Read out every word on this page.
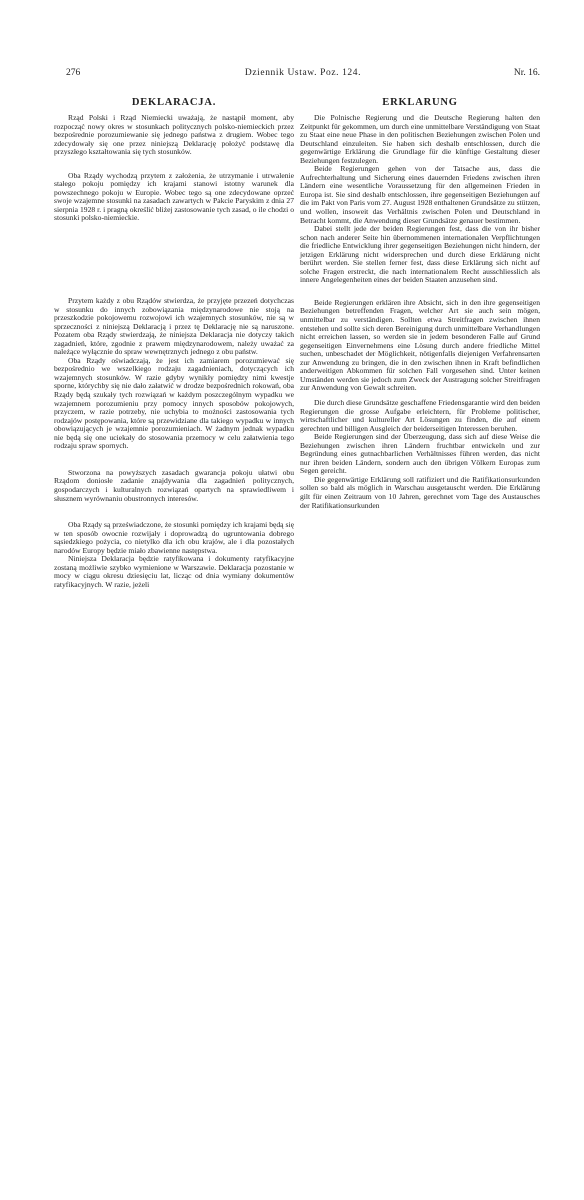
276	Dziennik Ustaw. Poz. 124.	Nr. 16.
DEKLARACJA.

Rząd Polski i Rząd Niemiecki uważają, że nastąpił moment, aby rozpocząć nowy okres w stosunkach politycznych polsko-niemieckich przez bezpośrednie porozumiewanie się jednego państwa z drugiem. Wobec tego zdecydowały się one przez niniejszą Deklarację położyć podstawę dla przyszłego kształtowania się tych stosunków.

Oba Rządy wychodzą przytem z założenia, że utrzymanie i utrwalenie stałego pokoju pomiędzy ich krajami stanowi istotny warunek dla powszechnego pokoju w Europie. Wobec tego są one zdecydowane oprzeć swoje wzajemne stosunki na zasadach zawartych w Pakcie Paryskim z dnia 27 sierpnia 1928 r. i pragną określić bliżej zastosowanie tych zasad, o ile chodzi o stosunki polsko-niemieckie.

Przytem każdy z obu Rządów stwierdza, że przyjęte przezeń dotychczas w stosunku do innych zobowiązania międzynarodowe nie stoją na przeszkodzie pokojowemu rozwojowi ich wzajemnych stosunków, nie są w sprzeczności z niniejszą Deklaracją i przez tę Deklarację nie są naruszone. Pozatem oba Rządy stwierdzają, że niniejsza Deklaracja nie dotyczy takich zagadnień, które, zgodnie z prawem międzynarodowem, należy uważać za należące wyłącznie do spraw wewnętrznych jednego z obu państw.

Oba Rządy oświadczają, że jest ich zamiarem porozumiewać się bezpośrednio we wszelkiego rodzaju zagadnieniach, dotyczących ich wzajemnych stosunków. W razie gdyby wynikły pomiędzy nimi kwestje sporne, którychby się nie dało załatwić w drodze bezpośrednich rokowań, oba Rządy będą szukały tych rozwiązań w każdym poszczególnym wypadku we wzajemnem porozumieniu przy pomocy innych sposobów pokojowych, przyczem, w razie potrzeby, nie uchybia to możności zastosowania tych rodzajów postępowania, które są przewidziane dla takiego wypadku w innych obowiązujących je wzajemnie porozumieniach. W żadnym jednak wypadku nie będą się one uciekały do stosowania przemocy w celu załatwienia tego rodzaju spraw spornych.

Stworzona na powyższych zasadach gwarancja pokoju ułatwi obu Rządom doniosłe zadanie znajdywania dla zagadnień politycznych, gospodarczych i kulturalnych rozwiązań opartych na sprawiedliwem i słusznem wyrównaniu obustronnych interesów.

Oba Rządy są przeświadczone, że stosunki pomiędzy ich krajami będą się w ten sposób owocnie rozwijały i doprowadzą do ugruntowania dobrego sąsiedzkiego pożycia, co nietylko dla ich obu krajów, ale i dla pozostałych narodów Europy będzie miało zbawienne następstwa.

Niniejsza Deklaracja będzie ratyfikowana i dokumenty ratyfikacyjne zostaną możliwie szybko wymienione w Warszawie. Deklaracja pozostanie w mocy w ciągu okresu dziesięciu lat, licząc od dnia wymiany dokumentów ratyfikacyjnych. W razie, jeżeli

ERKLARUNG

Die Polnische Regierung und die Deutsche Regierung halten den Zeitpunkt für gekommen, um durch eine unmittelbare Verständigung von Staat zu Staat eine neue Phase in den politischen Beziehungen zwischen Polen und Deutschland einzuleiten. Sie haben sich deshalb entschlossen, durch die gegenwärtige Erklärung die Grundlage für die künftige Gestaltung dieser Beziehungen festzulegen.

Beide Regierungen gehen von der Tatsache aus, dass die Aufrechterhaltung und Sicherung eines dauernden Friedens zwischen ihren Ländern eine wesentliche Voraussetzung für den allgemeinen Frieden in Europa ist. Sie sind deshalb entschlossen, ihre gegenseitigen Beziehungen auf die im Pakt von Paris vom 27. August 1928 enthaltenen Grundsätze zu stützen, und wollen, insoweit das Verhältnis zwischen Polen und Deutschland in Betracht kommt, die Anwendung dieser Grundsätze genauer bestimmen.

Dabei stellt jede der beiden Regierungen fest, dass die von ihr bisher schon nach anderer Seite hin übernommenen internationalen Verpflichtungen die friedliche Entwicklung ihrer gegenseitigen Beziehungen nicht hindern, der jetzigen Erklärung nicht widersprechen und durch diese Erklärung nicht berührt werden. Sie stellen ferner fest, dass diese Erklärung sich nicht auf solche Fragen erstreckt, die nach internationalem Recht ausschliesslich als innere Angelegenheiten eines der beiden Staaten anzusehen sind.

Beide Regierungen erklären ihre Absicht, sich in den ihre gegenseitigen Beziehungen betreffenden Fragen, welcher Art sie auch sein mögen, unmittelbar zu verständigen. Sollten etwa Streitfragen zwischen ihnen entstehen und sollte sich deren Bereinigung durch unmittelbare Verhandlungen nicht erreichen lassen, so werden sie in jedem besonderen Falle auf Grund gegenseitigen Einvernehmens eine Lösung durch andere friedliche Mittel suchen, unbeschadet der Möglichkeit, nötigenfalls diejenigen Verfahrensarten zur Anwendung zu bringen, die in den zwischen ihnen in Kraft befindlichen anderweitigen Abkommen für solchen Fall vorgesehen sind. Unter keinen Umständen werden sie jedoch zum Zweck der Austragung solcher Streitfragen zur Anwendung von Gewalt schreiten.

Die durch diese Grundsätze geschaffene Friedensgarantie wird den beiden Regierungen die grosse Aufgabe erleichtern, für Probleme politischer, wirtschaftlicher und kultureller Art Lösungen zu finden, die auf einem gerechten und billigen Ausgleich der beiderseitigen Interessen beruhen.

Beide Regierungen sind der Überzeugung, dass sich auf diese Weise die Beziehungen zwischen ihren Ländern fruchtbar entwickeln und zur Begründung eines gutnachbarlichen Verhältnisses führen werden, das nicht nur ihren beiden Ländern, sondern auch den übrigen Völkern Europas zum Segen gereicht.

Die gegenwärtige Erklärung soll ratifiziert und die Ratifikationsurkunden sollen so bald als möglich in Warschau ausgetauscht werden. Die Erklärung gilt für einen Zeitraum von 10 Jahren, gerechnet vom Tage des Austausches der Ratifikationsurkunden
